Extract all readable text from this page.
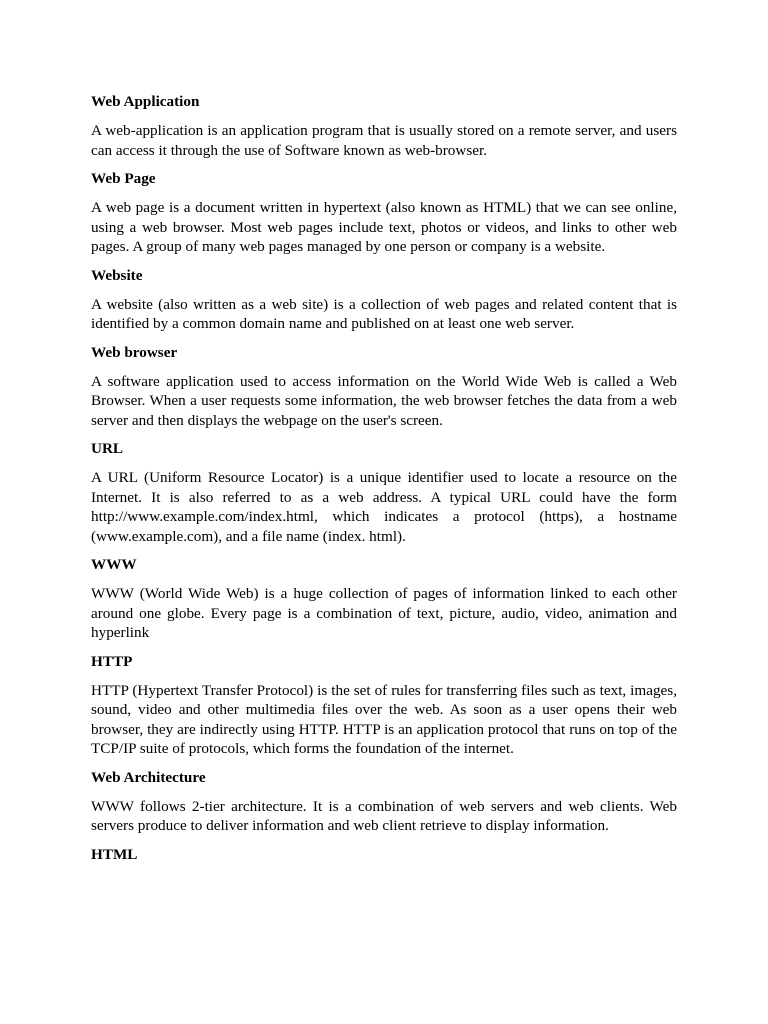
Web Application

A web-application is an application program that is usually stored on a remote server, and users can access it through the use of Software known as web-browser.

Web Page

A web page is a document written in hypertext (also known as HTML) that we can see online, using a web browser. Most web pages include text, photos or videos, and links to other web pages. A group of many web pages managed by one person or company is a website.

Website

A website (also written as a web site) is a collection of web pages and related content that is identified by a common domain name and published on at least one web server.

Web browser

A software application used to access information on the World Wide Web is called a Web Browser. When a user requests some information, the web browser fetches the data from a web server and then displays the webpage on the user's screen.

URL

A URL (Uniform Resource Locator) is a unique identifier used to locate a resource on the Internet. It is also referred to as a web address. A typical URL could have the form http://www.example.com/index.html, which indicates a protocol (https), a hostname (www.example.com), and a file name (index. html).

WWW

WWW (World Wide Web) is a huge collection of pages of information linked to each other around one globe. Every page is a combination of text, picture, audio, video, animation and hyperlink

HTTP

HTTP (Hypertext Transfer Protocol) is the set of rules for transferring files such as text, images, sound, video and other multimedia files over the web. As soon as a user opens their web browser, they are indirectly using HTTP. HTTP is an application protocol that runs on top of the TCP/IP suite of protocols, which forms the foundation of the internet.

Web Architecture

WWW follows 2-tier architecture. It is a combination of web servers and web clients. Web servers produce to deliver information and web client retrieve to display information.

HTML
